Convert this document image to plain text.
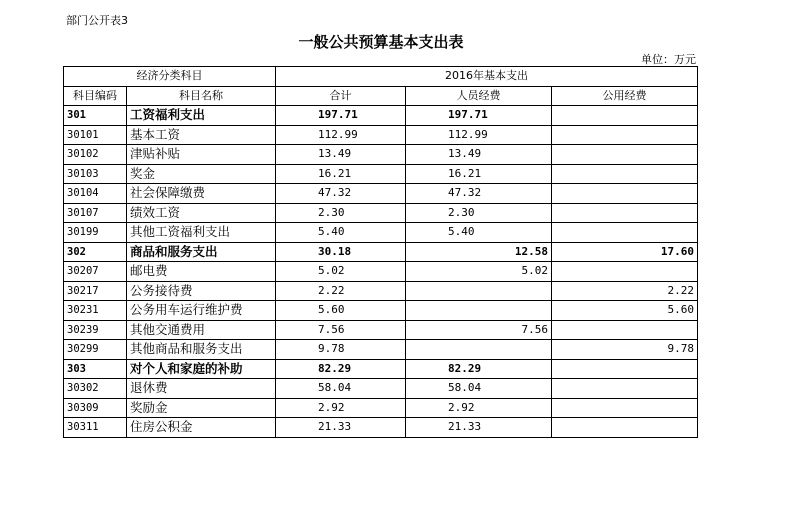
部门公开表3
一般公共预算基本支出表
单位：万元
经济分类科目		2016年基本支出		
科目编码	科目名称	合计	人员经费	公用经费
301	工资福利支出	197.71	197.71	
30101	基本工资	112.99	112.99	
30102	津贴补贴	13.49	13.49	
30103	奖金	16.21	16.21	
30104	社会保障缴费	47.32	47.32	
30107	绩效工资	2.30	2.30	
30199	其他工资福利支出	5.40	5.40	
302	商品和服务支出	30.18	12.58	17.60
30207	邮电费	5.02	5.02	
30217	公务接待费	2.22		2.22
30231	公务用车运行维护费	5.60		5.60
30239	其他交通费用	7.56	7.56	
30299	其他商品和服务支出	9.78		9.78
303	对个人和家庭的补助	82.29	82.29	
30302	退休费	58.04	58.04	
30309	奖励金	2.92	2.92	
30311	住房公积金	21.33	21.33	
